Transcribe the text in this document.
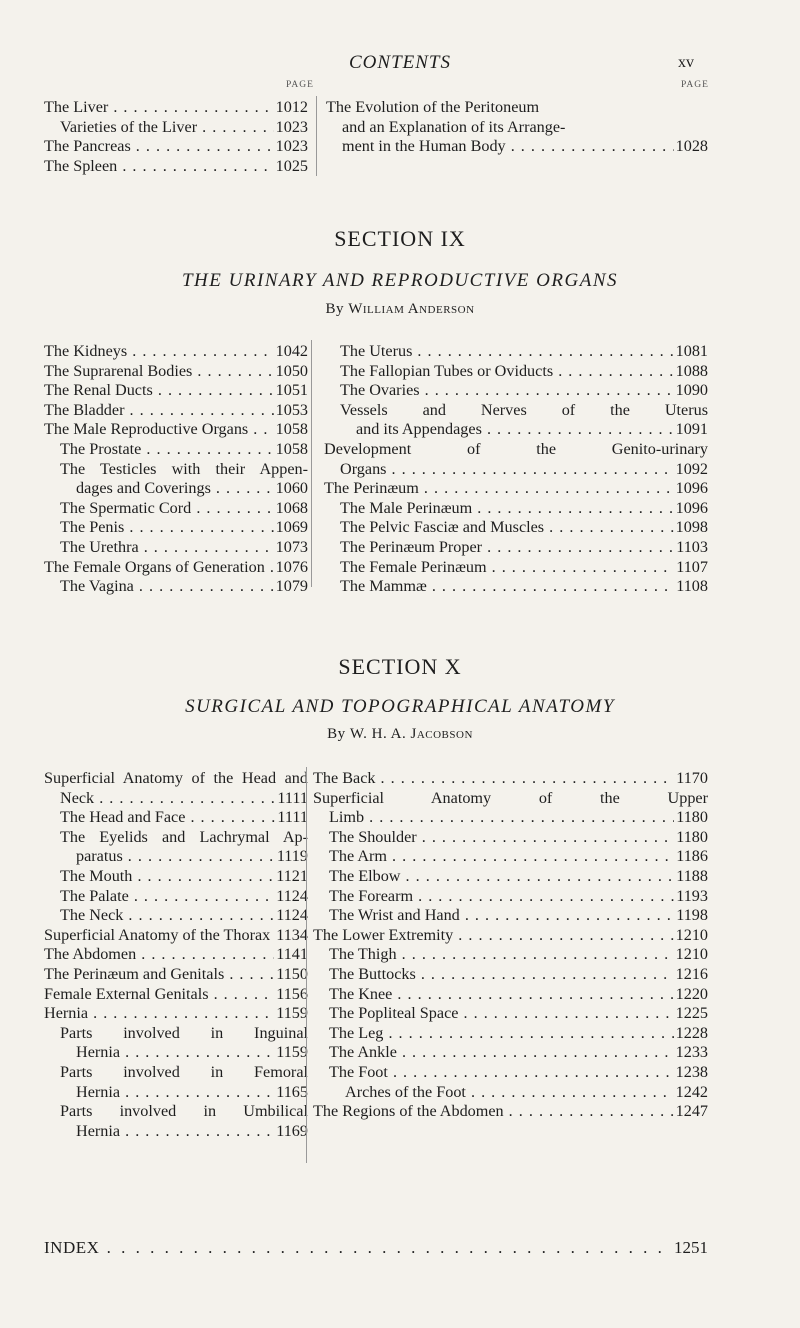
CONTENTS	xv
PAGE	PAGE
The Liver . . .	1012
Varieties of the Liver . . .	1023
The Pancreas . . .	1023
The Spleen . . .	1025
The Evolution of the Peritoneum
and an Explanation of its Arrange-
ment in the Human Body . . .	1028
SECTION IX
THE URINARY AND REPRODUCTIVE ORGANS
By William Anderson
The Kidneys . . .	1042
The Suprarenal Bodies . . .	1050
The Renal Ducts . . .	1051
The Bladder . . .	1053
The Male Reproductive Organs . . .	1058
The Prostate . . .	1058
The Testicles with their Appen-
dages and Coverings . . .	1060
The Spermatic Cord . . .	1068
The Penis . . .	1069
The Urethra . . .	1073
The Female Organs of Generation . . . 1076
The Vagina . . .	1079
The Uterus . . .	1081
The Fallopian Tubes or Oviducts . . .	1088
The Ovaries . . .	1090
Vessels and Nerves of the Uterus
and its Appendages . . .	1091
Development of the Genito-urinary
Organs . . .	1092
The Perinæum . . .	1096
The Male Perinæum . . .	1096
The Pelvic Fasciæ and Muscles . . .	1098
The Perinæum Proper . . .	1103
The Female Perinæum . . .	1107
The Mammæ . . .	1108
SECTION X
SURGICAL AND TOPOGRAPHICAL ANATOMY
By W. H. A. Jacobson
Superficial Anatomy of the Head and
Neck . . .	1111
The Head and Face . . .	1111
The Eyelids and Lachrymal Ap-
paratus . . .	1119
The Mouth . . .	1121
The Palate . . .	1124
The Neck . . .	1124
Superficial Anatomy of the Thorax . . . 1134
The Abdomen . . .	1141
The Perinæum and Genitals . . .	1150
Female External Genitals . . .	1156
Hernia . . .	1159
Parts involved in Inguinal
Hernia . . .	1159
Parts involved in Femoral
Hernia . . .	1165
Parts involved in Umbilical
Hernia . . .	1169
The Back . . .	1170
Superficial Anatomy of the Upper
Limb . . .	1180
The Shoulder . . .	1180
The Arm . . .	1186
The Elbow . . .	1188
The Forearm . . .	1193
The Wrist and Hand . . .	1198
The Lower Extremity . . .	1210
The Thigh . . .	1210
The Buttocks . . .	1216
The Knee . . .	1220
The Popliteal Space . . .	1225
The Leg . . .	1228
The Ankle . . .	1233
The Foot . . .	1238
Arches of the Foot . . .	1242
The Regions of the Abdomen . . .	1247
INDEX . . .	1251
